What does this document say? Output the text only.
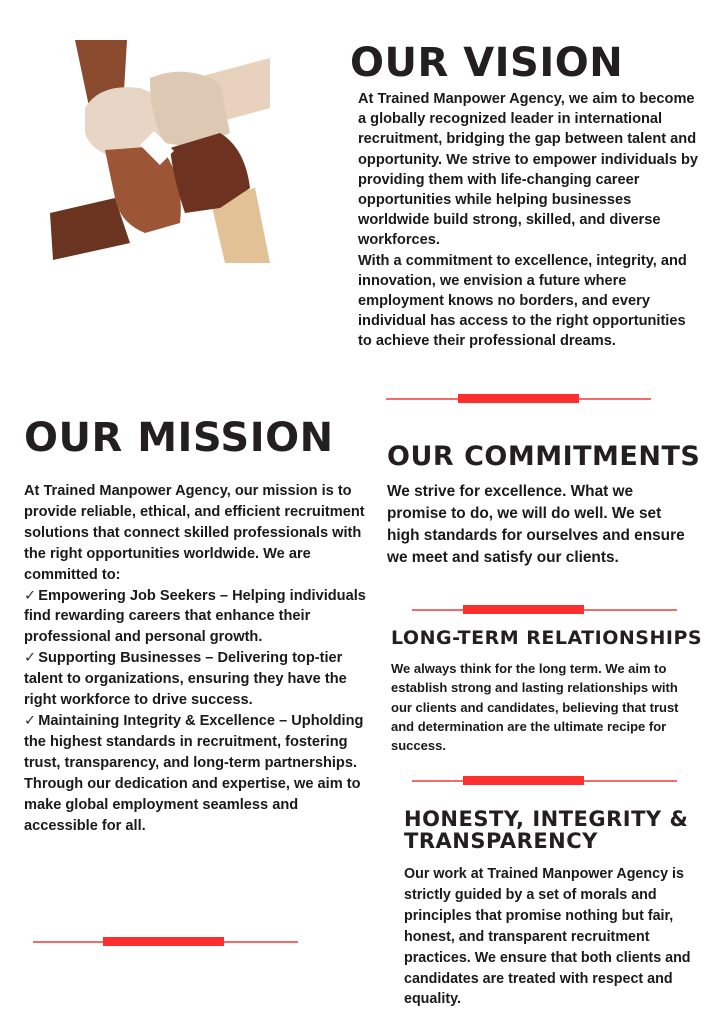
OUR VISION

At Trained Manpower Agency, we aim to become a globally recognized leader in international recruitment, bridging the gap between talent and opportunity. We strive to empower individuals by providing them with life-changing career opportunities while helping businesses worldwide build strong, skilled, and diverse workforces.

With a commitment to excellence, integrity, and innovation, we envision a future where employment knows no borders, and every individual has access to the right opportunities to achieve their professional dreams.

OUR MISSION

At Trained Manpower Agency, our mission is to provide reliable, ethical, and efficient recruitment solutions that connect skilled professionals with the right opportunities worldwide. We are committed to:

✓ Empowering Job Seekers – Helping individuals find rewarding careers that enhance their professional and personal growth.

✓ Supporting Businesses – Delivering top-tier talent to organizations, ensuring they have the right workforce to drive success.

✓ Maintaining Integrity & Excellence – Upholding the highest standards in recruitment, fostering trust, transparency, and long-term partnerships.

Through our dedication and expertise, we aim to make global employment seamless and accessible for all.

OUR COMMITMENTS

We strive for excellence. What we promise to do, we will do well. We set high standards for ourselves and ensure we meet and satisfy our clients.

LONG-TERM RELATIONSHIPS

We always think for the long term. We aim to establish strong and lasting relationships with our clients and candidates, believing that trust and determination are the ultimate recipe for success.

HONESTY, INTEGRITY &
TRANSPARENCY

Our work at Trained Manpower Agency is strictly guided by a set of morals and principles that promise nothing but fair, honest, and transparent recruitment practices. We ensure that both clients and candidates are treated with respect and equality.
